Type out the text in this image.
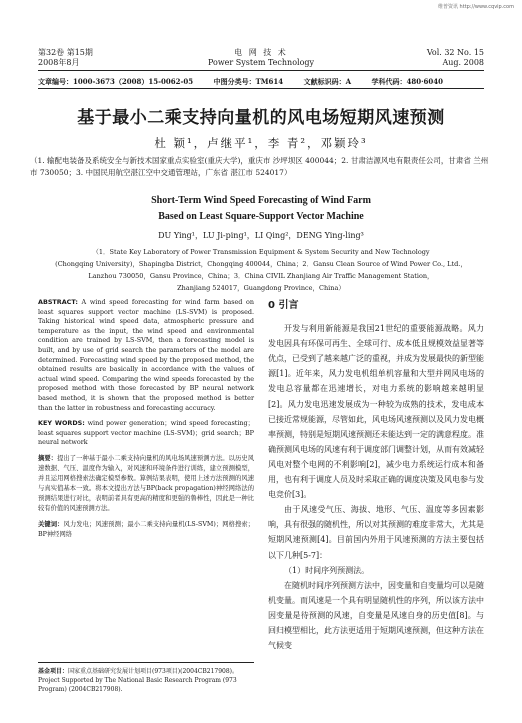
维普资讯 http://www.cqvip.com
第32卷 第15期
2008年8月
电 网 技 术
Power System Technology
Vol. 32 No. 15
Aug. 2008
文章编号：1000-3673（2008）15-0062-05	中图分类号：TM614	文献标识码：A	学科代码：480·6040
基于最小二乘支持向量机的风电场短期风速预测
杜 颖¹，卢继平¹，李 青²，邓颖玲³
（1. 输配电装备及系统安全与新技术国家重点实验室(重庆大学)，重庆市 沙坪坝区 400044；2. 甘肃洁源风电有限责任公司，甘肃省 兰州市 730050；3. 中国民用航空湛江空中交通管理站，广东省 湛江市 524017）
Short-Term Wind Speed Forecasting of Wind Farm
Based on Least Square-Support Vector Machine
DU Ying¹，LU Ji-ping¹，LI Qing²，DENG Ying-ling³
（1．State Key Laboratory of Power Transmission Equipment & System Security and New Technology
(Chongqing University)，Shapingba District，Chongqing 400044，China；2．Gansu Clean Source of Wind Power Co., Ltd.，
Lanzhou 730050，Gansu Province，China；3．China CIVIL Zhanjiang Air Traffic Management Station，
Zhanjiang 524017，Guangdong Province，China）

ABSTRACT: A wind speed forecasting for wind farm based on least squares support vector machine (LS-SVM) is proposed. Taking historical wind speed data, atmospheric pressure and temperature as the input, the wind speed and environmental condition are trained by LS-SVM, then a forecasting model is built, and by use of grid search the parameters of the model are determined. Forecasting wind speed by the proposed method, the obtained results are basically in accordance with the values of actual wind speed. Comparing the wind speeds forecasted by the proposed method with those forecasted by BP neural network based method, it is shown that the proposed method is better than the latter in robustness and forecasting accuracy.

KEY WORDS: wind power generation；wind speed forecasting；least squares support vector machine (LS-SVM)；grid search；BP neural network

摘要：提出了一种基于最小二乘支持向量机的风电场风速预测方法。以历史风速数据、气压、温度作为输入，对风速和环境条件进行训练，建立预测模型，并且运用网格搜索法确定模型参数。算例结果表明，使用上述方法预测的风速与真实值基本一致。将本文提出方法与BP(back propagation)神经网络法的预测结果进行对比，表明前者具有更高的精度和更强的鲁棒性，因此是一种比较有价值的风速预测方法。

关键词：风力发电；风速预测；最小二乘支持向量机(LS-SVM)；网格搜索；BP神经网络

基金项目：国家重点基础研究发展计划项目(973项目)(2004CB217908)。

Project Supported by The National Basic Research Program (973 Program) (2004CB217908).

0 引言

开发与利用新能源是我国21世纪的重要能源战略。风力发电因具有环保可再生、全球可行、成本低且规模效益显著等优点，已受到了越来越广泛的重视，并成为发展最快的新型能源[1]。近年来，风力发电机组单机容量和大型并网风电场的发电总容量都在迅速增长，对电力系统的影响越来越明显[2]。风力发电迅速发展成为一种较为成熟的技术，发电成本已接近常规能源，尽管如此，风电场风速预测以及风力发电概率预测，特别是短期风速预测还未能达到一定的满意程度。准确预测风电场的风速有利于调度部门调整计划，从而有效减轻风电对整个电网的不利影响[2]，减少电力系统运行成本和备用，也有利于调度人员及时采取正确的调度决策及风电参与发电竞价[3]。

由于风速受气压、海拔、地形、气压、温度等多因素影响，具有很强的随机性，所以对其预测的难度非常大，尤其是短期风速预测[4]。目前国内外用于风速预测的方法主要包括以下几种[5-7]：

（1）时间序列预测法。

在随机时间序列预测方法中，因变量和自变量均可以是随机变量。而风速是一个具有明显随机性的序列，所以该方法中因变量是待预测的风速，自变量是风速自身的历史值[8]。与回归模型相比，此方法更适用于短期风速预测，但这种方法在气候变
